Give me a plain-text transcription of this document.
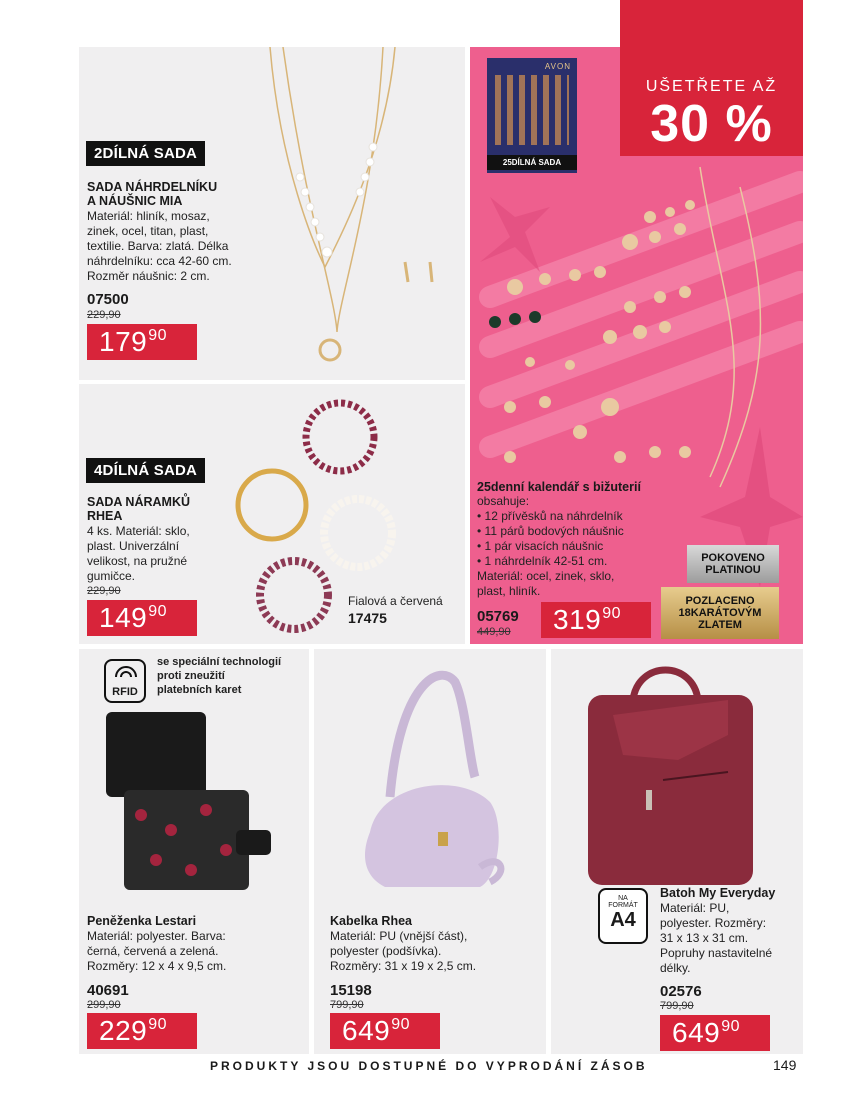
UŠETŘETE AŽ
30 %
2DÍLNÁ SADA
SADA NÁHRDELNÍKU
A NÁUŠNIC MIA
Materiál: hliník, mosaz,
zinek, ocel, titan, plast,
textilie. Barva: zlatá. Délka
náhrdelníku: cca 42-60 cm.
Rozměr náušnic: 2 cm.
07500
229,90
$179^{90}$
4DÍLNÁ SADA
SADA NÁRAMKŮ
RHEA
4 ks. Materiál: sklo,
plast. Univerzální
velikost, na pružné
gumičce.
229,90
$149^{90}$
Fialová a červená
17475
AVON
25DÍLNÁ SADA
25denní kalendář s bižuterií
obsahuje:
• 12 přívěsků na náhrdelník
• 11 párů bodových náušnic
• 1 pár visacích náušnic
• 1 náhrdelník 42-51 cm.
Materiál: ocel, zinek, sklo,
plast, hliník.
05769
449,90 $319^{90}$
POKOVENO
PLATINOU
POZLACENO
18KARÁTOVÝM
ZLATEM
RFID
se speciální technologií
proti zneužití
platebních karet
Peněženka Lestari
Materiál: polyester. Barva:
černá, červená a zelená.
Rozměry: 12 x 4 x 9,5 cm.
40691
299,90
$229^{90}$
Kabelka Rhea
Materiál: PU (vnější část),
polyester (podšívka).
Rozměry: 31 x 19 x 2,5 cm.
15198
799,90
$649^{90}$
NA
FORMÁT
A4
Batoh My Everyday
Materiál: PU,
polyester. Rozměry:
31 x 13 x 31 cm.
Popruhy nastavitelné
délky.
02576
799,90
$649^{90}$
PRODUKTY JSOU DOSTUPNÉ DO VYPRODÁNÍ ZÁSOB	149
